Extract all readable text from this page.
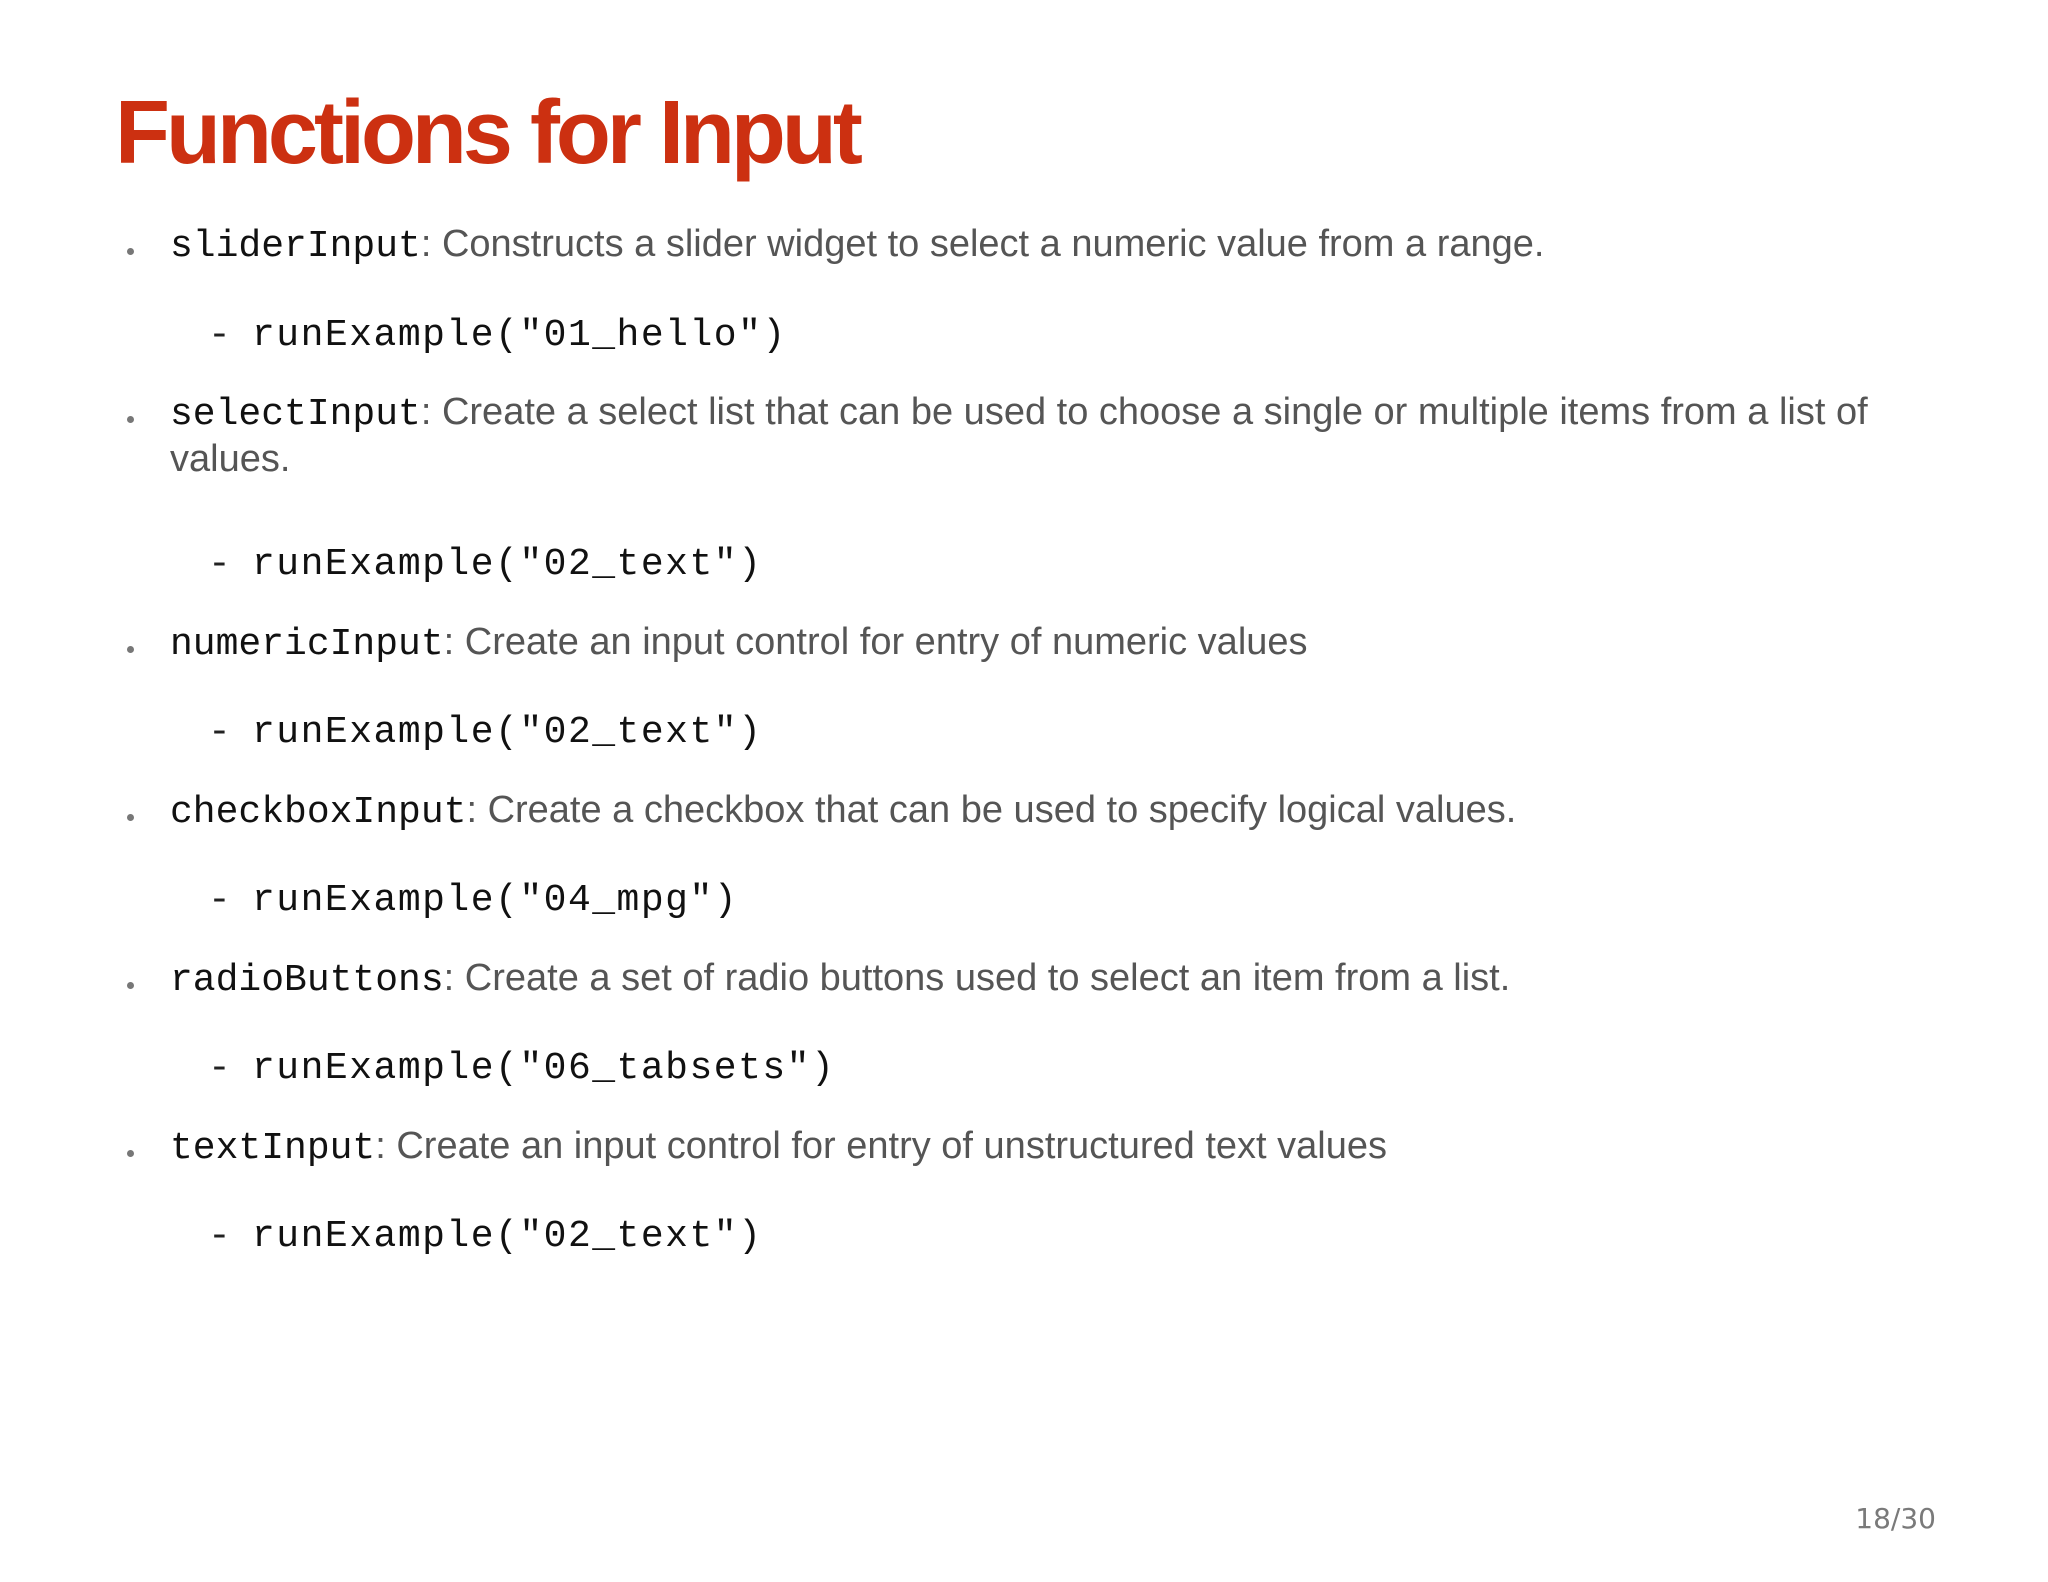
Functions for Input

sliderInput: Constructs a slider widget to select a numeric value from a range.

- runExample("01_hello")

selectInput: Create a select list that can be used to choose a single or multiple items from a list of values.

- runExample("02_text")

numericInput: Create an input control for entry of numeric values

- runExample("02_text")

checkboxInput: Create a checkbox that can be used to specify logical values.

- runExample("04_mpg")

radioButtons: Create a set of radio buttons used to select an item from a list.

- runExample("06_tabsets")

textInput: Create an input control for entry of unstructured text values

- runExample("02_text")
18/30
